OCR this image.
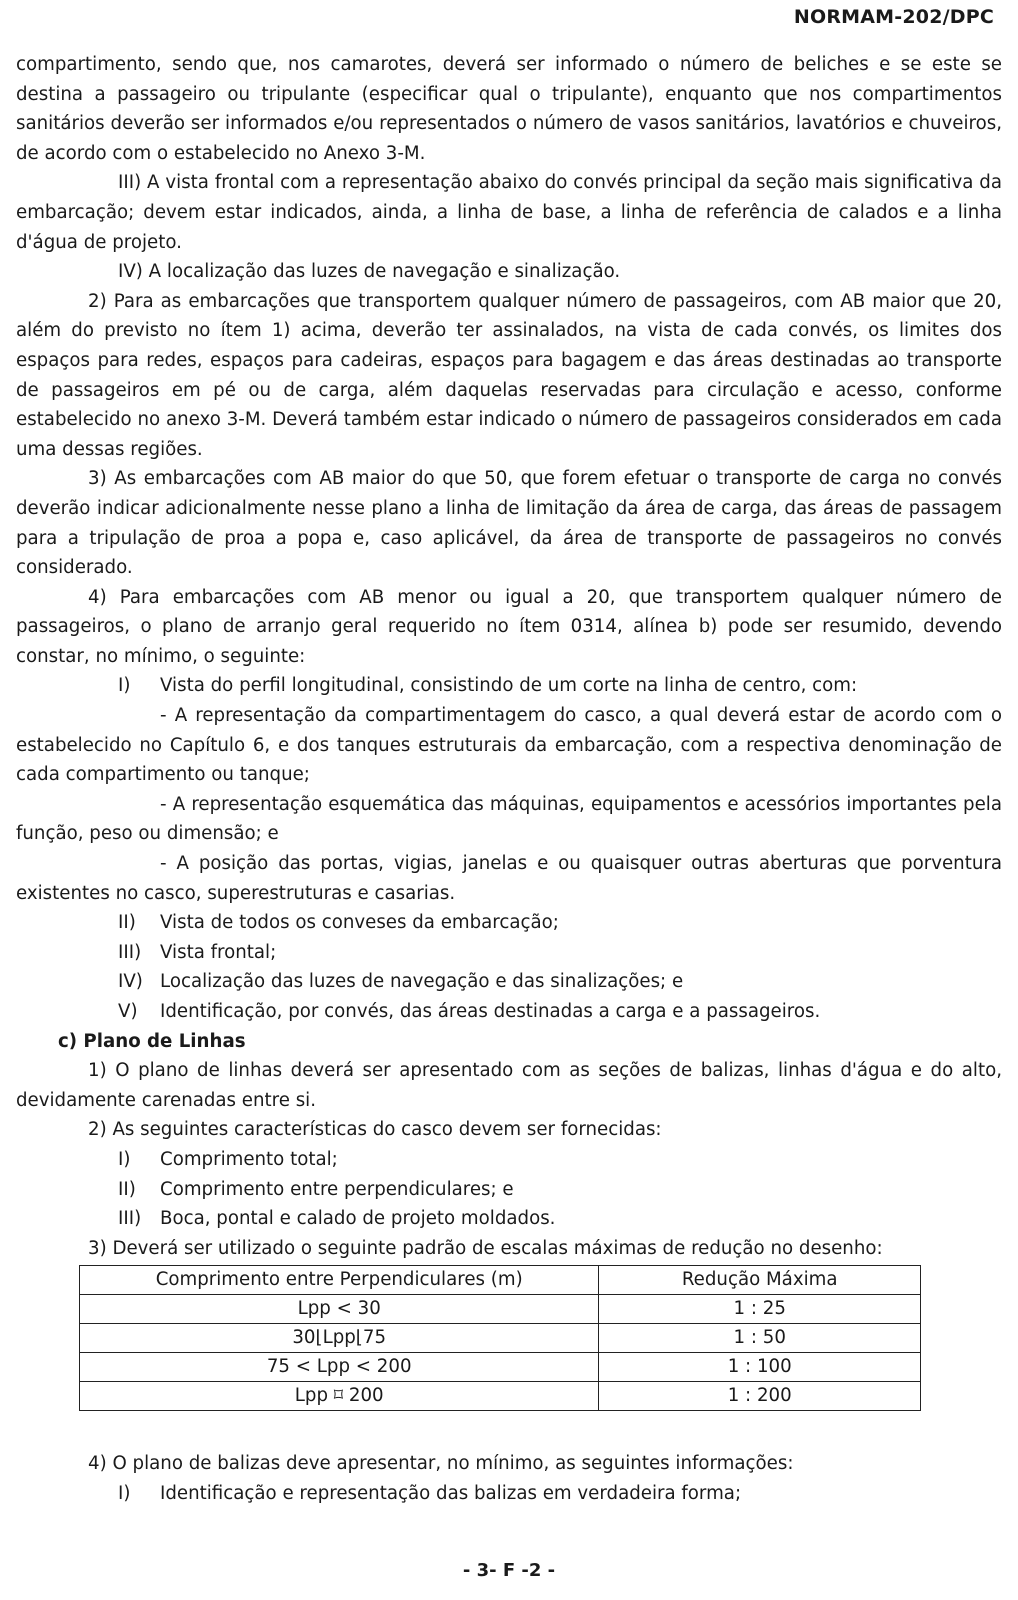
NORMAM-202/DPC

compartimento, sendo que, nos camarotes, deverá ser informado o número de beliches e se este se destina a passageiro ou tripulante (especificar qual o tripulante), enquanto que nos compartimentos sanitários deverão ser informados e/ou representados o número de vasos sanitários, lavatórios e chuveiros, de acordo com o estabelecido no Anexo 3-M.

III) A vista frontal com a representação abaixo do convés principal da seção mais significativa da embarcação; devem estar indicados, ainda, a linha de base, a linha de referência de calados e a linha d'água de projeto.

IV) A localização das luzes de navegação e sinalização.

2) Para as embarcações que transportem qualquer número de passageiros, com AB maior que 20, além do previsto no ítem 1) acima, deverão ter assinalados, na vista de cada convés, os limites dos espaços para redes, espaços para cadeiras, espaços para bagagem e das áreas destinadas ao transporte de passageiros em pé ou de carga, além daquelas reservadas para circulação e acesso, conforme estabelecido no anexo 3-M. Deverá também estar indicado o número de passageiros considerados em cada uma dessas regiões.

3) As embarcações com AB maior do que 50, que forem efetuar o transporte de carga no convés deverão indicar adicionalmente nesse plano a linha de limitação da área de carga, das áreas de passagem para a tripulação de proa a popa e, caso aplicável, da área de transporte de passageiros no convés considerado.

4) Para embarcações com AB menor ou igual a 20, que transportem qualquer número de passageiros, o plano de arranjo geral requerido no ítem 0314, alínea b) pode ser resumido, devendo constar, no mínimo, o seguinte:

I)	Vista do perfil longitudinal, consistindo de um corte na linha de centro, com:

- A representação da compartimentagem do casco, a qual deverá estar de acordo com o estabelecido no Capítulo 6, e dos tanques estruturais da embarcação, com a respectiva denominação de cada compartimento ou tanque;

- A representação esquemática das máquinas, equipamentos e acessórios importantes pela função, peso ou dimensão; e

- A posição das portas, vigias, janelas e ou quaisquer outras aberturas que porventura existentes no casco, superestruturas e casarias.

II)	Vista de todos os conveses da embarcação;
III)	Vista frontal;
IV) Localização das luzes de navegação e das sinalizações; e
V)	Identificação, por convés, das áreas destinadas a carga e a passageiros.
c) Plano de Linhas

1) O plano de linhas deverá ser apresentado com as seções de balizas, linhas d'água e do alto, devidamente carenadas entre si.

2) As seguintes características do casco devem ser fornecidas:

I)	Comprimento total;
II)	Comprimento entre perpendiculares; e
III)	Boca, pontal e calado de projeto moldados.

3) Deverá ser utilizado o seguinte padrão de escalas máximas de redução no desenho:

Comprimento entre Perpendiculares (m)	Redução Máxima
Lpp < 30	1 : 25
30⌊Lpp⌊75	1 : 50
75 < Lpp < 200	1 : 100
Lpp ⌑ 200	1 : 200

4) O plano de balizas deve apresentar, no mínimo, as seguintes informações:

I)	Identificação e representação das balizas em verdadeira forma;
- 3- F -2 -
